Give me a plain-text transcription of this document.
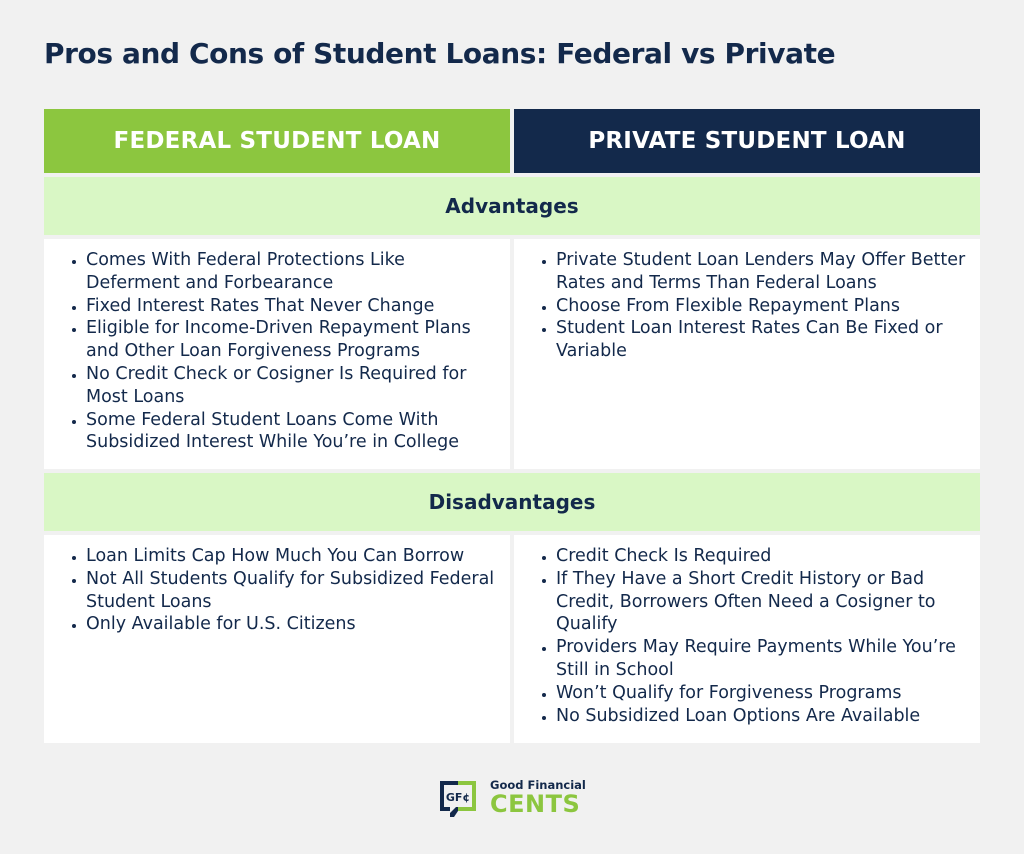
Pros and Cons of Student Loans: Federal vs Private
FEDERAL STUDENT LOAN	PRIVATE STUDENT LOAN
Advantages
• Comes With Federal Protections Like Deferment and Forbearance
• Fixed Interest Rates That Never Change
• Eligible for Income-Driven Repayment Plans and Other Loan Forgiveness Programs
• No Credit Check or Cosigner Is Required for Most Loans
• Some Federal Student Loans Come With Subsidized Interest While You’re in College
• Private Student Loan Lenders May Offer Better Rates and Terms Than Federal Loans
• Choose From Flexible Repayment Plans
• Student Loan Interest Rates Can Be Fixed or Variable
Disadvantages
• Loan Limits Cap How Much You Can Borrow
• Not All Students Qualify for Subsidized Federal Student Loans
• Only Available for U.S. Citizens
• Credit Check Is Required
• If They Have a Short Credit History or Bad Credit, Borrowers Often Need a Cosigner to Qualify
• Providers May Require Payments While You’re Still in School
• Won’t Qualify for Forgiveness Programs
• No Subsidized Loan Options Are Available
GF¢
Good Financial
CENTS
